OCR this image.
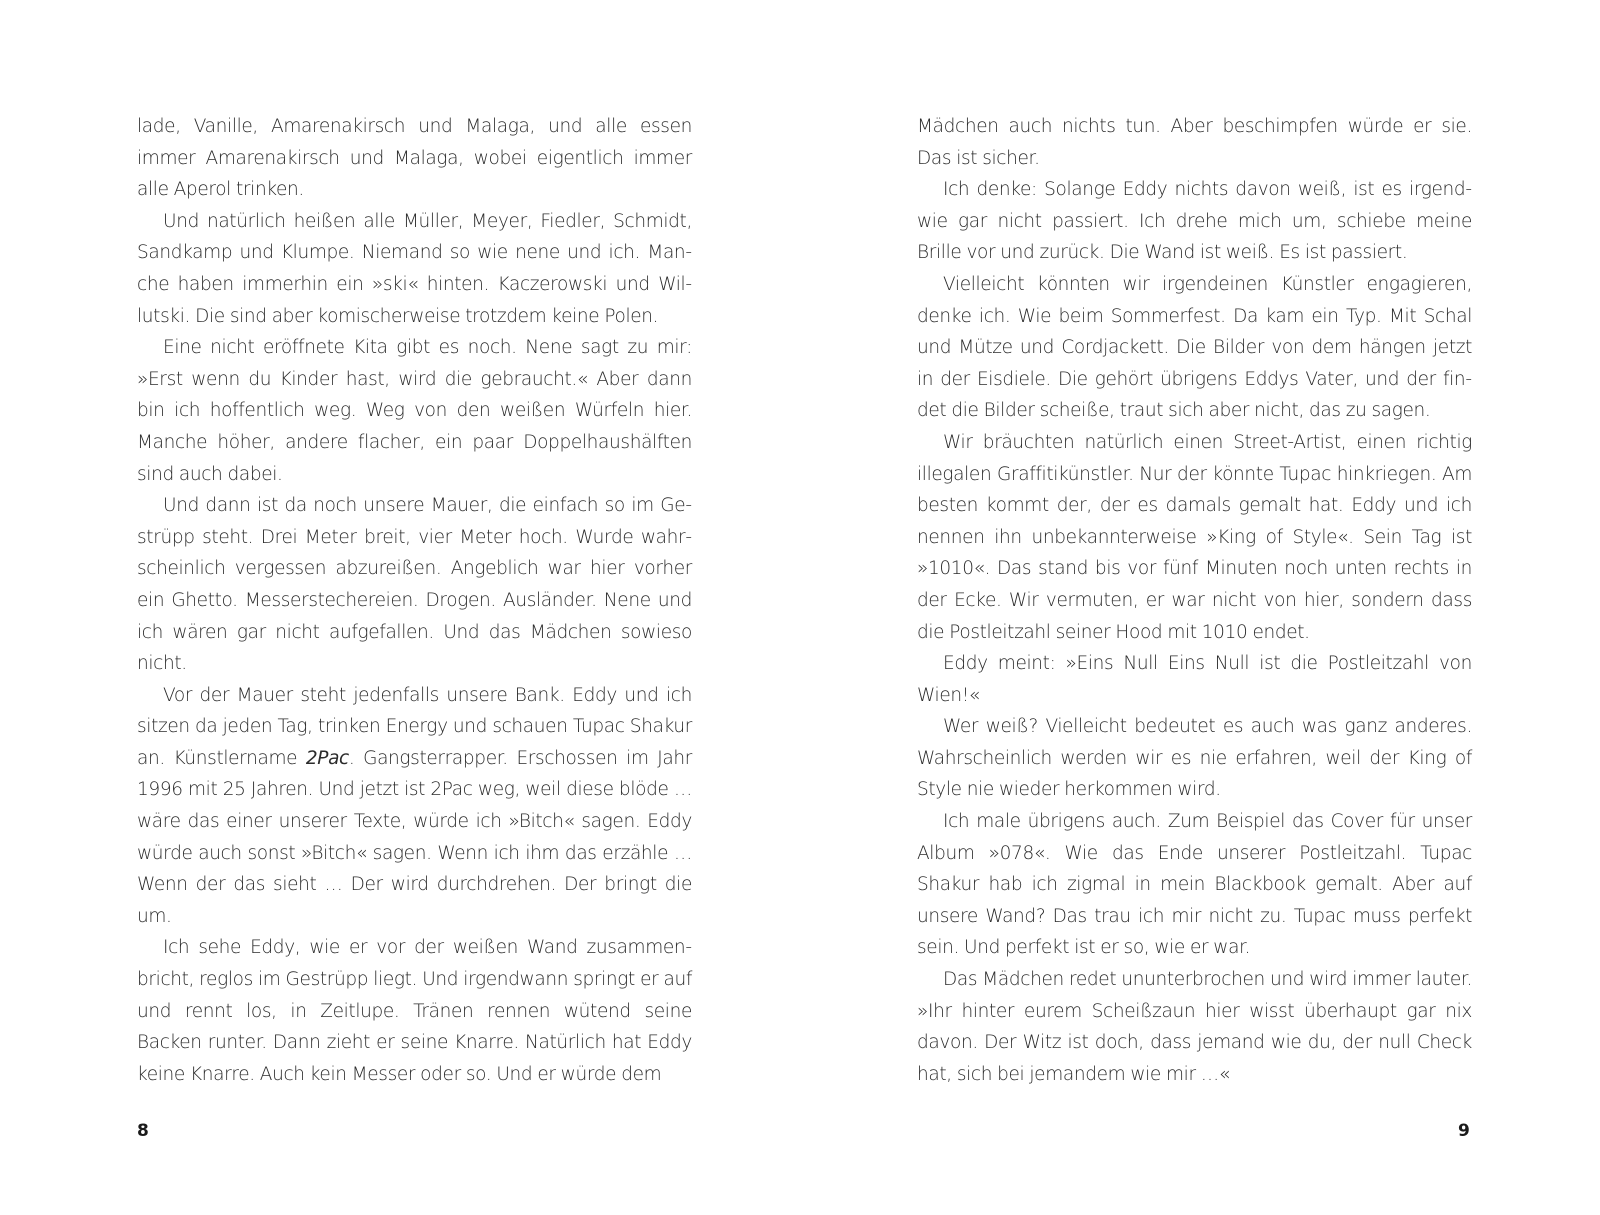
lade, Vanille, Amarenakirsch und Malaga, und alle essen immer Amarenakirsch und Malaga, wobei eigentlich immer alle Aperol trinken.

Und natürlich heißen alle Müller, Meyer, Fiedler, Schmidt, Sandkamp und Klumpe. Niemand so wie nene und ich. Manche haben immerhin ein »ski« hinten. Kaczerowski und Willutski. Die sind aber komischerweise trotzdem keine Polen.

Eine nicht eröffnete Kita gibt es noch. Nene sagt zu mir: »Erst wenn du Kinder hast, wird die gebraucht.« Aber dann bin ich hoffentlich weg. Weg von den weißen Würfeln hier. Manche höher, andere flacher, ein paar Doppelhaushälften sind auch dabei.

Und dann ist da noch unsere Mauer, die einfach so im Gestrüpp steht. Drei Meter breit, vier Meter hoch. Wurde wahrscheinlich vergessen abzureißen. Angeblich war hier vorher ein Ghetto. Messerstechereien. Drogen. Ausländer. Nene und ich wären gar nicht aufgefallen. Und das Mädchen sowieso nicht.

Vor der Mauer steht jedenfalls unsere Bank. Eddy und ich sitzen da jeden Tag, trinken Energy und schauen Tupac Shakur an. Künstlername 2Pac. Gangsterrapper. Erschossen im Jahr 1996 mit 25 Jahren. Und jetzt ist 2Pac weg, weil diese blöde … wäre das einer unserer Texte, würde ich »Bitch« sagen. Eddy würde auch sonst »Bitch« sagen. Wenn ich ihm das erzähle … Wenn der das sieht … Der wird durchdrehen. Der bringt die um.

Ich sehe Eddy, wie er vor der weißen Wand zusammenbricht, reglos im Gestrüpp liegt. Und irgendwann springt er auf und rennt los, in Zeitlupe. Tränen rennen wütend seine Backen runter. Dann zieht er seine Knarre. Natürlich hat Eddy keine Knarre. Auch kein Messer oder so. Und er würde dem

Mädchen auch nichts tun. Aber beschimpfen würde er sie. Das ist sicher.

Ich denke: Solange Eddy nichts davon weiß, ist es irgendwie gar nicht passiert. Ich drehe mich um, schiebe meine Brille vor und zurück. Die Wand ist weiß. Es ist passiert.

Vielleicht könnten wir irgendeinen Künstler engagieren, denke ich. Wie beim Sommerfest. Da kam ein Typ. Mit Schal und Mütze und Cordjackett. Die Bilder von dem hängen jetzt in der Eisdiele. Die gehört übrigens Eddys Vater, und der findet die Bilder scheiße, traut sich aber nicht, das zu sagen.

Wir bräuchten natürlich einen Street-Artist, einen richtig illegalen Graffitikünstler. Nur der könnte Tupac hinkriegen. Am besten kommt der, der es damals gemalt hat. Eddy und ich nennen ihn unbekannterweise »King of Style«. Sein Tag ist »1010«. Das stand bis vor fünf Minuten noch unten rechts in der Ecke. Wir vermuten, er war nicht von hier, sondern dass die Postleitzahl seiner Hood mit 1010 endet.

Eddy meint: »Eins Null Eins Null ist die Postleitzahl von Wien!«

Wer weiß? Vielleicht bedeutet es auch was ganz anderes. Wahrscheinlich werden wir es nie erfahren, weil der King of Style nie wieder herkommen wird.

Ich male übrigens auch. Zum Beispiel das Cover für unser Album »078«. Wie das Ende unserer Postleitzahl. Tupac Shakur hab ich zigmal in mein Blackbook gemalt. Aber auf unsere Wand? Das trau ich mir nicht zu. Tupac muss perfekt sein. Und perfekt ist er so, wie er war.

Das Mädchen redet ununterbrochen und wird immer lauter. »Ihr hinter eurem Scheißzaun hier wisst überhaupt gar nix davon. Der Witz ist doch, dass jemand wie du, der null Check hat, sich bei jemandem wie mir …«

8	9
